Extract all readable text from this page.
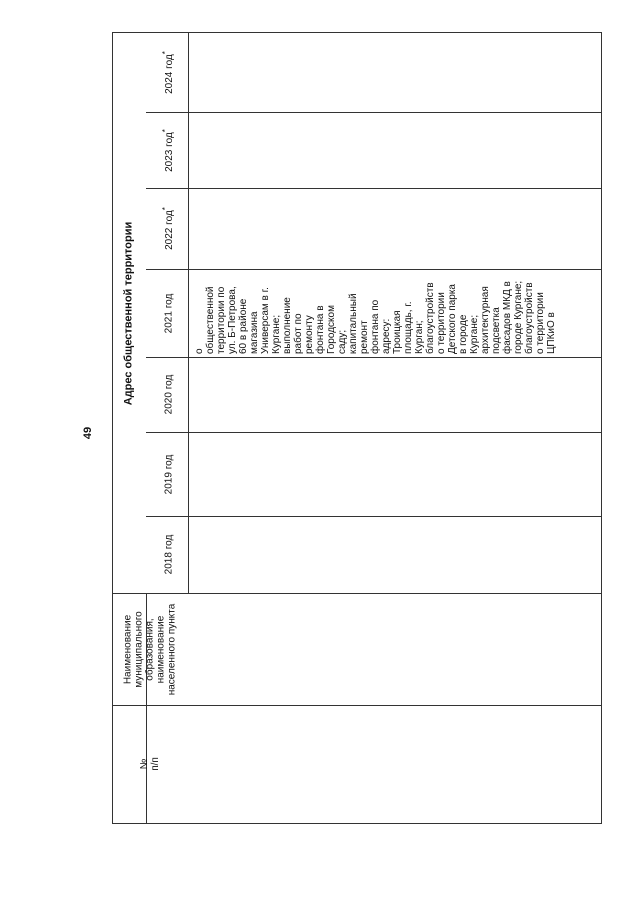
49
№
п/п
Наименование
муниципального
образования,
наименование
населенного пункта
Адрес общественной территории
2018 год
2019 год
2020 год
2021 год
2022 год*
2023 год*
2024 год*
о
общественной
территории по
ул. Б-Петрова,
60 в районе
магазина
Универсам в г.
Кургане;
выполнение
работ по
ремонту
фонтана в
Городском
саду;
капитальный
ремонт
фонтана по
адресу:
Троицкая
площадь, г.
Курган;
благоустройств
о территории
Детского парка
в городе
Кургане;
архитектурная
подсветка
фасадов МКД в
городе Кургане;
благоустройств
о территории
ЦПКиО в
